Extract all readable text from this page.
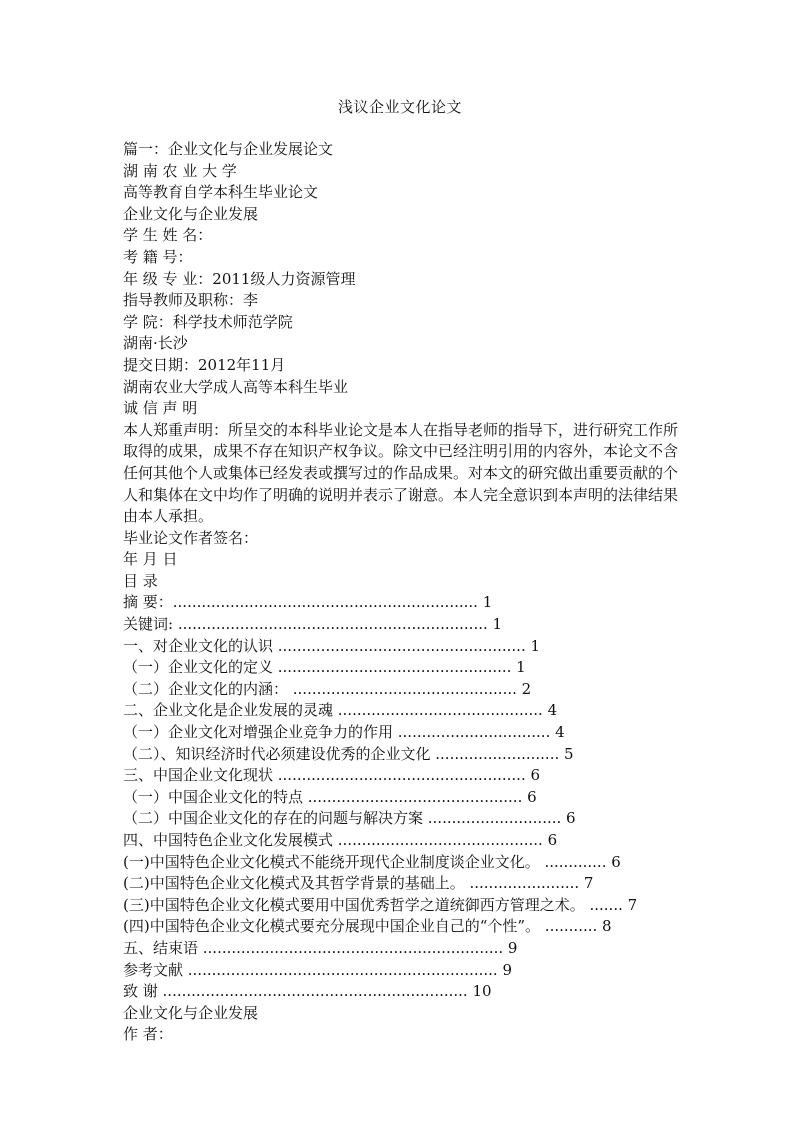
浅议企业文化论文
篇一：企业文化与企业发展论文
湖 南 农 业 大 学
高等教育自学本科生毕业论文
企业文化与企业发展
学 生 姓 名：
考 籍 号：
年 级 专 业：2011级人力资源管理
指导教师及职称：李
学 院：科学技术师范学院
湖南·长沙
提交日期：2012年11月
湖南农业大学成人高等本科生毕业
诚 信 声 明
本人郑重声明：所呈交的本科毕业论文是本人在指导老师的指导下，进行研究工作所取得的成果，成果不存在知识产权争议。除文中已经注明引用的内容外，本论文不含任何其他个人或集体已经发表或撰写过的作品成果。对本文的研究做出重要贡献的个人和集体在文中均作了明确的说明并表示了谢意。本人完全意识到本声明的法律结果由本人承担。
毕业论文作者签名：
年 月 日
目 录
摘 要：................................................................ 1
关键词: ................................................................. 1
一、对企业文化的认识 .................................................... 1
（一）企业文化的定义 ................................................. 1
（二）企业文化的内涵： ............................................... 2
二、企业文化是企业发展的灵魂 ........................................... 4
（一）企业文化对增强企业竞争力的作用 ................................ 4
（二）、知识经济时代必须建设优秀的企业文化 .......................... 5
三、中国企业文化现状 .................................................... 6
（一）中国企业文化的特点 ............................................. 6
（二）中国企业文化的存在的问题与解决方案 ............................ 6
四、中国特色企业文化发展模式 ........................................... 6
(一)中国特色企业文化模式不能绕开现代企业制度谈企业文化。 ............. 6
(二)中国特色企业文化模式及其哲学背景的基础上。 ....................... 7
(三)中国特色企业文化模式要用中国优秀哲学之道统御西方管理之术。 ....... 7
(四)中国特色企业文化模式要充分展现中国企业自己的“个性”。 ........... 8
五、结束语 ............................................................... 9
参考文献 ................................................................. 9
致 谢 ................................................................ 10
企业文化与企业发展
作 者：
